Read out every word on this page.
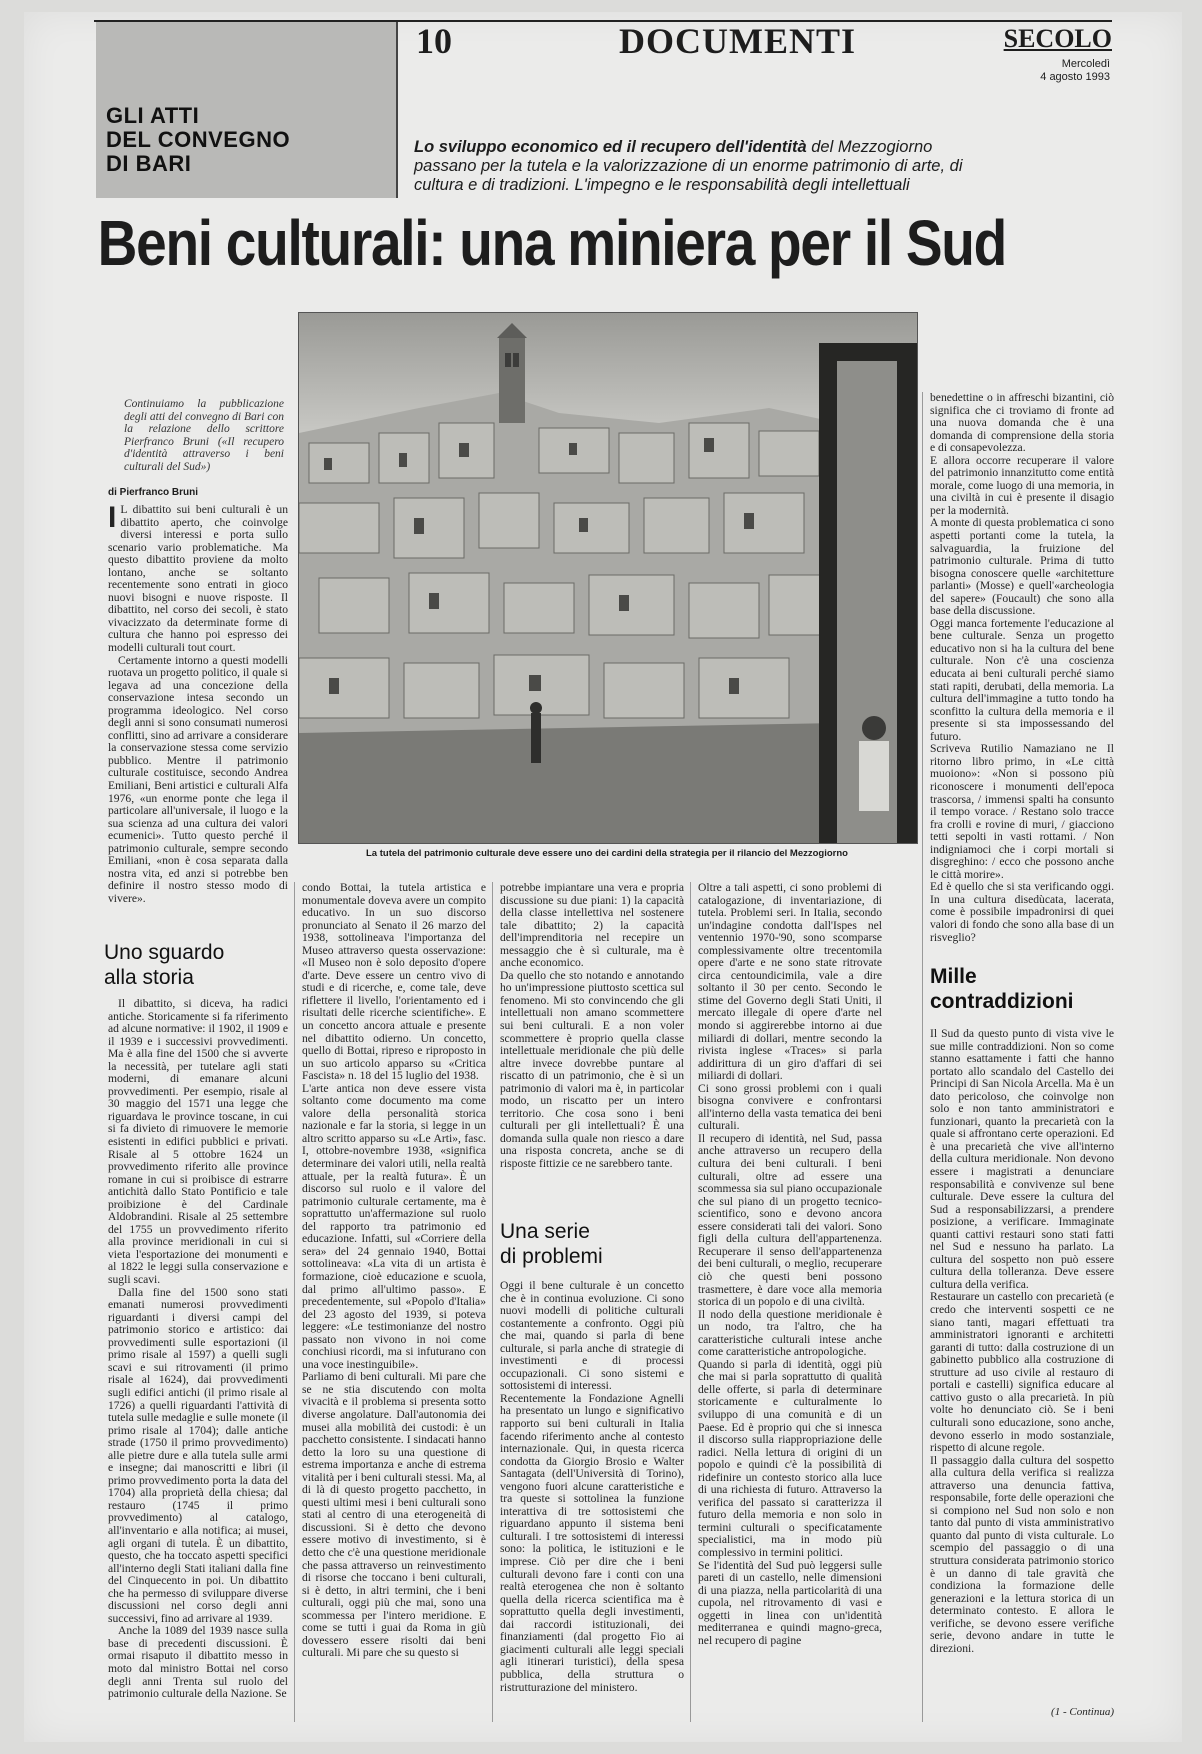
GLI ATTI
DEL CONVEGNO
DI BARI
10	DOCUMENTI	SECOLO
Mercoledì
4 agosto 1993
Lo sviluppo economico ed il recupero dell'identità del Mezzogiorno passano per la tutela e la valorizzazione di un enorme patrimonio di arte, di cultura e di tradizioni. L'impegno e le responsabilità degli intellettuali
Beni culturali: una miniera per il Sud
La tutela del patrimonio culturale deve essere uno dei cardini della strategia per il rilancio del Mezzogiorno
Continuiamo la pubblicazione degli atti del convegno di Bari con la relazione dello scrittore Pierfranco Bruni («Il recupero d'identità attraverso i beni culturali del Sud»)
di Pierfranco Bruni

I L dibattito sui beni culturali è un dibattito aperto, che coinvolge diversi interessi e porta sullo scenario vario problematiche. Ma questo dibattito proviene da molto lontano, anche se soltanto recentemente sono entrati in gioco nuovi bisogni e nuove risposte. Il dibattito, nel corso dei secoli, è stato vivacizzato da determinate forme di cultura che hanno poi espresso dei modelli culturali tout court.

Certamente intorno a questi modelli ruotava un progetto politico, il quale si legava ad una concezione della conservazione intesa secondo un programma ideologico. Nel corso degli anni si sono consumati numerosi conflitti, sino ad arrivare a considerare la conservazione stessa come servizio pubblico. Mentre il patrimonio culturale costituisce, secondo Andrea Emiliani, Beni artistici e culturali Alfa 1976, «un enorme ponte che lega il particolare all'universale, il luogo e la sua scienza ad una cultura dei valori ecumenici». Tutto questo perché il patrimonio culturale, sempre secondo Emiliani, «non è cosa separata dalla nostra vita, ed anzi si potrebbe ben definire il nostro stesso modo di vivere».

Uno sguardo
alla storia

Il dibattito, si diceva, ha radici antiche. Storicamente si fa riferimento ad alcune normative: il 1902, il 1909 e il 1939 e i successivi provvedimenti. Ma è alla fine del 1500 che si avverte la necessità, per tutelare agli stati moderni, di emanare alcuni provvedimenti. Per esempio, risale al 30 maggio del 1571 una legge che riguardava le province toscane, in cui si fa divieto di rimuovere le memorie esistenti in edifici pubblici e privati. Risale al 5 ottobre 1624 un provvedimento riferito alle province romane in cui si proibisce di estrarre antichità dallo Stato Pontificio e tale proibizione è del Cardinale Aldobrandini. Risale al 25 settembre del 1755 un provvedimento riferito alla province meridionali in cui si vieta l'esportazione dei monumenti e al 1822 le leggi sulla conservazione e sugli scavi.

Dalla fine del 1500 sono stati emanati numerosi provvedimenti riguardanti i diversi campi del patrimonio storico e artistico: dai provvedimenti sulle esportazioni (il primo risale al 1597) a quelli sugli scavi e sui ritrovamenti (il primo risale al 1624), dai provvedimenti sugli edifici antichi (il primo risale al 1726) a quelli riguardanti l'attività di tutela sulle medaglie e sulle monete (il primo risale al 1704); dalle antiche strade (1750 il primo provvedimento) alle pietre dure e alla tutela sulle armi e insegne; dai manoscritti e libri (il primo provvedimento porta la data del 1704) alla proprietà della chiesa; dal restauro (1745 il primo provvedimento) al catalogo, all'inventario e alla notifica; ai musei, agli organi di tutela. È un dibattito, questo, che ha toccato aspetti specifici all'interno degli Stati italiani dalla fine del Cinquecento in poi. Un dibattito che ha permesso di sviluppare diverse discussioni nel corso degli anni successivi, fino ad arrivare al 1939.

Anche la 1089 del 1939 nasce sulla base di precedenti discussioni. È ormai risaputo il dibattito messo in moto dal ministro Bottai nel corso degli anni Trenta sul ruolo del patrimonio culturale della Nazione. Se

condo Bottai, la tutela artistica e monumentale doveva avere un compito educativo. In un suo discorso pronunciato al Senato il 26 marzo del 1938, sottolineava l'importanza del Museo attraverso questa osservazione: «Il Museo non è solo deposito d'opere d'arte. Deve essere un centro vivo di studi e di ricerche, e, come tale, deve riflettere il livello, l'orientamento ed i risultati delle ricerche scientifiche». E un concetto ancora attuale e presente nel dibattito odierno. Un concetto, quello di Bottai, ripreso e riproposto in un suo articolo apparso su «Critica Fascista» n. 18 del 15 luglio del 1938.
L'arte antica non deve essere vista soltanto come documento ma come valore della personalità storica nazionale e far la storia, si legge in un altro scritto apparso su «Le Arti», fasc. I, ottobre-novembre 1938, «significa determinare dei valori utili, nella realtà attuale, per la realtà futura». È un discorso sul ruolo e il valore del patrimonio culturale certamente, ma è soprattutto un'affermazione sul ruolo del rapporto tra patrimonio ed educazione. Infatti, sul «Corriere della sera» del 24 gennaio 1940, Bottai sottolineava: «La vita di un artista è formazione, cioè educazione e scuola, dal primo all'ultimo passo». E precedentemente, sul «Popolo d'Italia» del 23 agosto del 1939, si poteva leggere: «Le testimonianze del nostro passato non vivono in noi come conchiusi ricordi, ma si infuturano con una voce inestinguibile».
Parliamo di beni culturali. Mi pare che se ne stia discutendo con molta vivacità e il problema si presenta sotto diverse angolature. Dall'autonomia dei musei alla mobilità dei custodi: è un pacchetto consistente. I sindacati hanno detto la loro su una questione di estrema importanza e anche di estrema vitalità per i beni culturali stessi. Ma, al di là di questo progetto pacchetto, in questi ultimi mesi i beni culturali sono stati al centro di una eterogeneità di discussioni. Si è detto che devono essere motivo di investimento, si è detto che c'è una questione meridionale che passa attraverso un reinvestimento di risorse che toccano i beni culturali, si è detto, in altri termini, che i beni culturali, oggi più che mai, sono una scommessa per l'intero meridione. E come se tutti i guai da Roma in giù dovessero essere risolti dai beni culturali. Mi pare che su questo si
potrebbe impiantare una vera e propria discussione su due piani: 1) la capacità della classe intellettiva nel sostenere tale dibattito; 2) la capacità dell'imprenditoria nel recepire un messaggio che è sì culturale, ma è anche economico.
Da quello che sto notando e annotando ho un'impressione piuttosto scettica sul fenomeno. Mi sto convincendo che gli intellettuali non amano scommettere sui beni culturali. E a non voler scommettere è proprio quella classe intellettuale meridionale che più delle altre invece dovrebbe puntare al riscatto di un patrimonio, che è sì un patrimonio di valori ma è, in particolar modo, un riscatto per un intero territorio. Che cosa sono i beni culturali per gli intellettuali? È una domanda sulla quale non riesco a dare una risposta concreta, anche se di risposte fittizie ce ne sarebbero tante.
Una serie
di problemi
Oggi il bene culturale è un concetto che è in continua evoluzione. Ci sono nuovi modelli di politiche culturali costantemente a confronto. Oggi più che mai, quando si parla di bene culturale, si parla anche di strategie di investimenti e di processi occupazionali. Ci sono sistemi e sottosistemi di interessi.
Recentemente la Fondazione Agnelli ha presentato un lungo e significativo rapporto sui beni culturali in Italia facendo riferimento anche al contesto internazionale. Qui, in questa ricerca condotta da Giorgio Brosio e Walter Santagata (dell'Università di Torino), vengono fuori alcune caratteristiche e tra queste si sottolinea la funzione interattiva di tre sottosistemi che riguardano appunto il sistema beni culturali. I tre sottosistemi di interessi sono: la politica, le istituzioni e le imprese. Ciò per dire che i beni culturali devono fare i conti con una realtà eterogenea che non è soltanto quella della ricerca scientifica ma è soprattutto quella degli investimenti, dai raccordi istituzionali, dei finanziamenti (dal progetto Fio ai giacimenti culturali alle leggi speciali agli itinerari turistici), della spesa pubblica, della struttura o ristrutturazione del ministero.
Oltre a tali aspetti, ci sono problemi di catalogazione, di inventariazione, di tutela. Problemi seri. In Italia, secondo un'indagine condotta dall'Ispes nel ventennio 1970-'90, sono scomparse complessivamente oltre trecentomila opere d'arte e ne sono state ritrovate circa centoundicimila, vale a dire soltanto il 30 per cento. Secondo le stime del Governo degli Stati Uniti, il mercato illegale di opere d'arte nel mondo si aggirerebbe intorno ai due miliardi di dollari, mentre secondo la rivista inglese «Traces» si parla addirittura di un giro d'affari di sei miliardi di dollari.
Ci sono grossi problemi con i quali bisogna convivere e confrontarsi all'interno della vasta tematica dei beni culturali.
Il recupero di identità, nel Sud, passa anche attraverso un recupero della cultura dei beni culturali. I beni culturali, oltre ad essere una scommessa sia sul piano occupazionale che sul piano di un progetto tecnico-scientifico, sono e devono ancora essere considerati tali dei valori. Sono figli della cultura dell'appartenenza. Recuperare il senso dell'appartenenza dei beni culturali, o meglio, recuperare ciò che questi beni possono trasmettere, è dare voce alla memoria storica di un popolo e di una civiltà.
Il nodo della questione meridionale è un nodo, tra l'altro, che ha caratteristiche culturali intese anche come caratteristiche antropologiche.
Quando si parla di identità, oggi più che mai si parla soprattutto di qualità delle offerte, si parla di determinare storicamente e culturalmente lo sviluppo di una comunità e di un Paese. Ed è proprio qui che si innesca il discorso sulla riappropriazione delle radici. Nella lettura di origini di un popolo e quindi c'è la possibilità di ridefinire un contesto storico alla luce di una richiesta di futuro. Attraverso la verifica del passato si caratterizza il futuro della memoria e non solo in termini culturali o specificatamente specialistici, ma in modo più complessivo in termini politici.
Se l'identità del Sud può leggersi sulle pareti di un castello, nelle dimensioni di una piazza, nella particolarità di una cupola, nel ritrovamento di vasi e oggetti in linea con un'identità mediterranea e quindi magno-greca, nel recupero di pagine
benedettine o in affreschi bizantini, ciò significa che ci troviamo di fronte ad una nuova domanda che è una domanda di comprensione della storia e di consapevolezza.
E allora occorre recuperare il valore del patrimonio innanzitutto come entità morale, come luogo di una memoria, in una civiltà in cui è presente il disagio per la modernità.
A monte di questa problematica ci sono aspetti portanti come la tutela, la salvaguardia, la fruizione del patrimonio culturale. Prima di tutto bisogna conoscere quelle «architetture parlanti» (Mosse) e quell'«archeologia del sapere» (Foucault) che sono alla base della discussione.
Oggi manca fortemente l'educazione al bene culturale. Senza un progetto educativo non si ha la cultura del bene culturale. Non c'è una coscienza educata ai beni culturali perché siamo stati rapiti, derubati, della memoria. La cultura dell'immagine a tutto tondo ha sconfitto la cultura della memoria e il presente si sta impossessando del futuro.
Scriveva Rutilio Namaziano ne Il ritorno libro primo, in «Le città muoiono»: «Non si possono più riconoscere i monumenti dell'epoca trascorsa, / immensi spalti ha consunto il tempo vorace. / Restano solo tracce fra crolli e rovine di muri, / giacciono tetti sepolti in vasti rottami. / Non indigniamoci che i corpi mortali si disgreghino: / ecco che possono anche le città morire».
Ed è quello che si sta verificando oggi. In una cultura disedùcata, lacerata, come è possibile impadronirsi di quei valori di fondo che sono alla base di un risveglio?
Mille
contraddizioni
Il Sud da questo punto di vista vive le sue mille contraddizioni. Non so come stanno esattamente i fatti che hanno portato allo scandalo del Castello dei Principi di San Nicola Arcella. Ma è un dato pericoloso, che coinvolge non solo e non tanto amministratori e funzionari, quanto la precarietà con la quale si affrontano certe operazioni. Ed è una precarietà che vive all'interno della cultura meridionale. Non devono essere i magistrati a denunciare responsabilità e convivenze sul bene culturale. Deve essere la cultura del Sud a responsabilizzarsi, a prendere posizione, a verificare. Immaginate quanti cattivi restauri sono stati fatti nel Sud e nessuno ha parlato. La cultura del sospetto non può essere cultura della tolleranza. Deve essere cultura della verifica.
Restaurare un castello con precarietà (e credo che interventi sospetti ce ne siano tanti, magari effettuati tra amministratori ignoranti e architetti garanti di tutto: dalla costruzione di un gabinetto pubblico alla costruzione di strutture ad uso civile al restauro di portali e castelli) significa educare al cattivo gusto o alla precarietà. In più volte ho denunciato ciò. Se i beni culturali sono educazione, sono anche, devono esserlo in modo sostanziale, rispetto di alcune regole.
Il passaggio dalla cultura del sospetto alla cultura della verifica si realizza attraverso una denuncia fattiva, responsabile, forte delle operazioni che si compiono nel Sud non solo e non tanto dal punto di vista amministrativo quanto dal punto di vista culturale. Lo scempio del passaggio o di una struttura considerata patrimonio storico è un danno di tale gravità che condiziona la formazione delle generazioni e la lettura storica di un determinato contesto. E allora le verifiche, se devono essere verifiche serie, devono andare in tutte le direzioni.
(1 - Continua)
